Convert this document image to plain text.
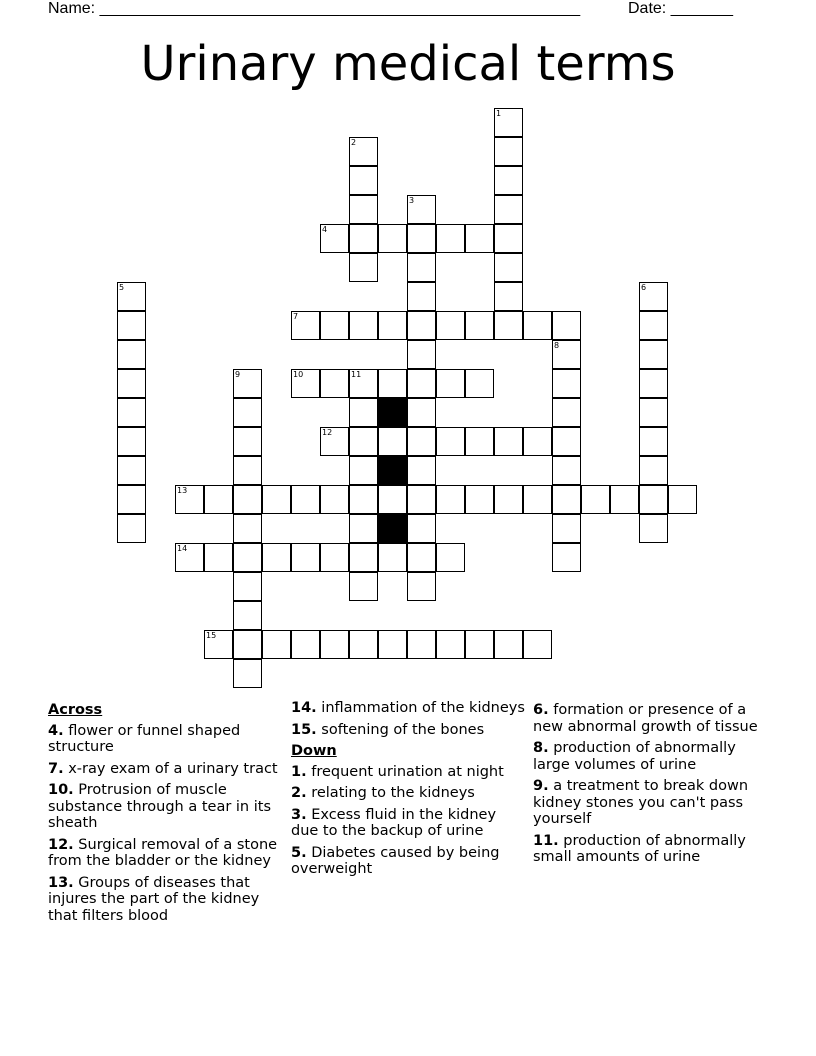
Name: ______________________________________________________	Date: _______
Urinary medical terms
1
2
3
4
5	6
7
8
9	10	11
12
13
14
15
Across
4. flower or funnel shaped structure
7. x-ray exam of a urinary tract
10. Protrusion of muscle substance through a tear in its sheath
12. Surgical removal of a stone from the bladder or the kidney
13. Groups of diseases that injures the part of the kidney that filters blood
14. inflammation of the kidneys
15. softening of the bones
Down
1. frequent urination at night
2. relating to the kidneys
3. Excess fluid in the kidney due to the backup of urine
5. Diabetes caused by being overweight
6. formation or presence of a new abnormal growth of tissue
8. production of abnormally large volumes of urine
9. a treatment to break down kidney stones you can't pass yourself
11. production of abnormally small amounts of urine
